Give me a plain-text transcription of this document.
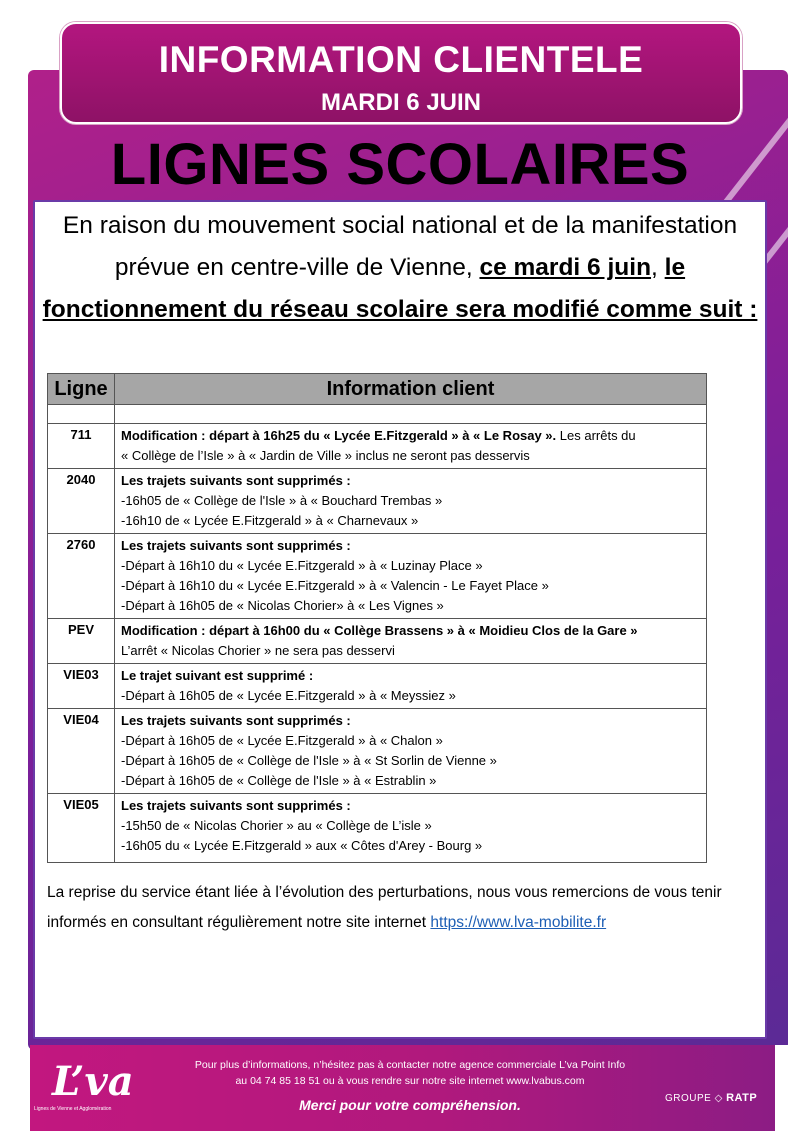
INFORMATION CLIENTELE
MARDI 6 JUIN
LIGNES SCOLAIRES
En raison du mouvement social national et de la manifestation prévue en centre-ville de Vienne, ce mardi 6 juin, le fonctionnement du réseau scolaire sera modifié comme suit :
Ligne	Information client

711	Modification : départ à 16h25 du « Lycée E.Fitzgerald » à « Le Rosay ». Les arrêts du
« Collège de l’Isle » à « Jardin de Ville » inclus ne seront pas desservis

2040	Les trajets suivants sont supprimés :
-16h05 de « Collège de l'Isle » à « Bouchard Trembas »
-16h10 de « Lycée E.Fitzgerald » à « Charnevaux »

2760	Les trajets suivants sont supprimés :
-Départ à 16h10 du « Lycée E.Fitzgerald » à « Luzinay Place »
-Départ à 16h10 du « Lycée E.Fitzgerald » à « Valencin - Le Fayet Place »
-Départ à 16h05 de « Nicolas Chorier» à « Les Vignes »

PEV	Modification : départ à 16h00 du « Collège Brassens » à « Moidieu Clos de la Gare »
L’arrêt « Nicolas Chorier » ne sera pas desservi

VIE03	Le trajet suivant est supprimé :
-Départ à 16h05 de « Lycée E.Fitzgerald » à « Meyssiez »

VIE04	Les trajets suivants sont supprimés :
-Départ à 16h05 de « Lycée E.Fitzgerald » à « Chalon »
-Départ à 16h05 de « Collège de l'Isle » à « St Sorlin de Vienne »
-Départ à 16h05 de « Collège de l'Isle » à « Estrablin »

VIE05	Les trajets suivants sont supprimés :
-15h50 de « Nicolas Chorier » au « Collège de L’isle »
-16h05 du « Lycée E.Fitzgerald » aux « Côtes d'Arey - Bourg »
La reprise du service étant liée à l’évolution des perturbations, nous vous remercions de vous tenir informés en consultant régulièrement notre site internet https://www.lva-mobilite.fr
L’va
Lignes de Vienne et Agglomération
Pour plus d’informations, n’hésitez pas à contacter notre agence commerciale L’va Point Info
au 04 74 85 18 51 ou à vous rendre sur notre site internet www.lvabus.com
Merci pour votre compréhension.	GROUPE ◇ RATP
